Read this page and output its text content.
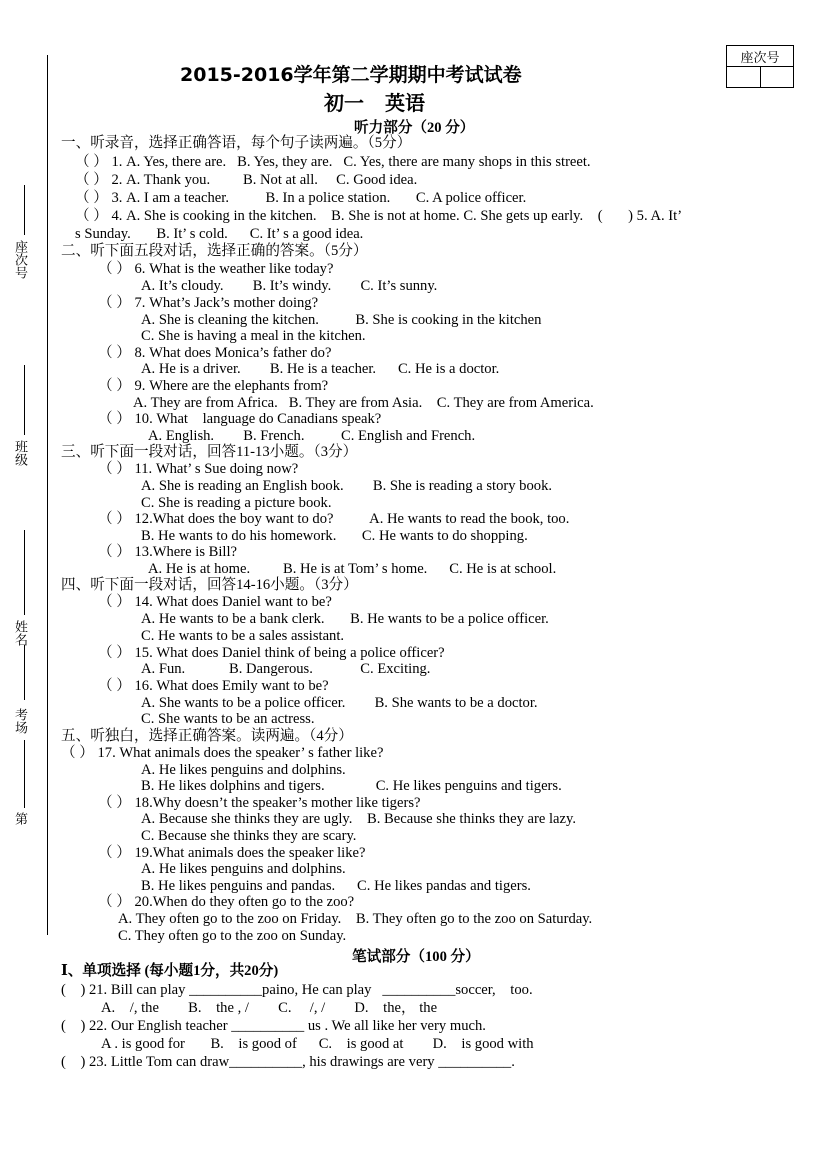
座次号

座次号
班级
姓名
考场
第
2015-2016学年第二学期期中考试试卷
初一 英语
听力部分（20 分）
笔试部分（100 分）
一、听录音，选择正确答语，每个句子读两遍。（5分）
（ ） 1. A. Yes, there are.   B. Yes, they are.   C. Yes, there are many shops in this street.
（ ） 2. A. Thank you.         B. Not at all.     C. Good idea.
（ ） 3. A. I am a teacher.          B. In a police station.       C. A police officer.
（ ） 4. A. She is cooking in the kitchen.    B. She is not at home. C. She gets up early.    (       ) 5. A. It’
s Sunday.       B. It’ s cold.      C. It’ s a good idea.
二、听下面五段对话，选择正确的答案。（5分）
（ ） 6. What is the weather like today?
A. It’s cloudy.        B. It’s windy.        C. It’s sunny.
（ ） 7. What’s Jack’s mother doing?
A. She is cleaning the kitchen.          B. She is cooking in the kitchen
C. She is having a meal in the kitchen.
（ ） 8. What does Monica’s father do?
A. He is a driver.        B. He is a teacher.      C. He is a doctor.
（ ） 9. Where are the elephants from?
A. They are from Africa.   B. They are from Asia.    C. They are from America.
（ ） 10. What    language do Canadians speak?
A. English.        B. French.          C. English and French.
三、听下面一段对话，回答11-13小题。（3分）
（ ） 11. What’ s Sue doing now?
A. She is reading an English book.        B. She is reading a story book.
C. She is reading a picture book.
（ ） 12.What does the boy want to do?          A. He wants to read the book, too.
B. He wants to do his homework.       C. He wants to do shopping.
（ ） 13.Where is Bill?
A. He is at home.         B. He is at Tom’ s home.      C. He is at school.
四、听下面一段对话，回答14-16小题。（3分）
（ ） 14. What does Daniel want to be?
A. He wants to be a bank clerk.       B. He wants to be a police officer.
C. He wants to be a sales assistant.
（ ） 15. What does Daniel think of being a police officer?
A. Fun.            B. Dangerous.             C. Exciting.
（ ） 16. What does Emily want to be?
A. She wants to be a police officer.        B. She wants to be a doctor.
C. She wants to be an actress.
五、听独白，选择正确答案。读两遍。（4分）
（ ） 17. What animals does the speaker’ s father like?
A. He likes penguins and dolphins.
B. He likes dolphins and tigers.              C. He likes penguins and tigers.
（ ） 18.Why doesn’t the speaker’s mother like tigers?
A. Because she thinks they are ugly.    B. Because she thinks they are lazy.
C. Because she thinks they are scary.
（ ） 19.What animals does the speaker like?
A. He likes penguins and dolphins.
B. He likes penguins and pandas.      C. He likes pandas and tigers.
（ ） 20.When do they often go to the zoo?
A. They often go to the zoo on Friday.    B. They often go to the zoo on Saturday.
C. They often go to the zoo on Sunday.
Ⅰ、单项选择 (每小题1分，共20分)
(    ) 21. Bill can play __________paino, He can play   __________soccer,    too.
A.    /, the        B.    the , /        C.     /, /        D.    the， the
(    ) 22. Our English teacher __________ us . We all like her very much.
A . is good for       B.    is good of      C.    is good at        D.    is good with
(    ) 23. Little Tom can draw__________, his drawings are very __________.
